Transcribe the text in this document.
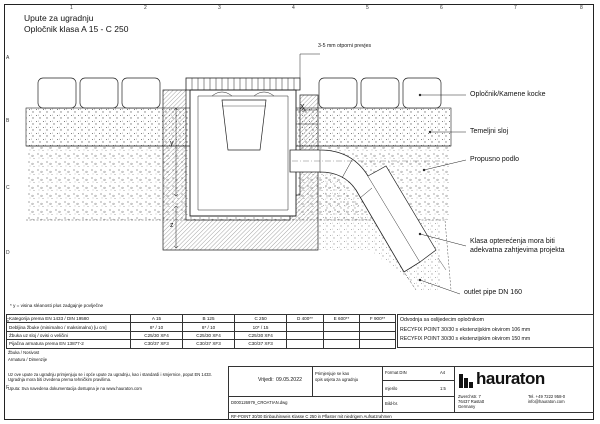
1	2	3	4	5	6	7	8
A
B
C
D
E
F
Upute za ugradnju
Opločnik klasa A 15 - C 250
X
y
z
3-5 mm otporni prevjes
Opločnik/Kamene kocke
Temeljni sloj
Propusno podlo
Klasa opterećenja mora biti
adekvatna zahtjevima projekta
outlet pipe DN 160
* y = visina sléanosti plus zadgajnje povlječne
Kategorija prema EN 1433 / DIN 19580	A 15	B 125	C 250	D 400**	E 600**	F 900**
Debljina žbuke (minimalno / maksimalno) [u cm]	8* / 10	8* / 10	10* / 15			
Žbuka uz sloj / ovisi o veličini	C25/30 XF4	C25/30 XF4	C25/30 XF4			
Pijačna armatura prema EN 13877-2	C30/37 XF3	C30/37 XF3	C30/37 XF3			
Žbuka / Nosivost
Armatura / Dimenzije
Uz ove upute za ugradnju primjenjuju se i opće upute za ugradnju, kao i standardi i smjernice, poput EN 1433. Ugradnja mora biti izvedena prema tehničkim pravilima.
Uputa: Sva navedena dokumentacija dostupna je na www.hauraton.com
Odvodnja sa oslijedecim opločnikom
RECYFIX POINT 30/30 s ekstenzijskim okvirom 106 mm
RECYFIX POINT 30/30 s ekstenzijskim okvirom 150 mm
Vrijedi: 09.05.2022
Primjenjuje se kao
opis usjeta za ugradnju
D000126979_CROATIAN.dwg
Format DIN	A4
mjerilo	1:5
Bild-br.
RF-POINT 30/30 Einbauhinweis Klasse C 250 in Pflaster mit niedrigem Aufsatzrahmen
hauraton
Zwerchstr. 7
76437 Rastatt
Germany
Tel. +49 7222 958-0
info@hauraton.com
